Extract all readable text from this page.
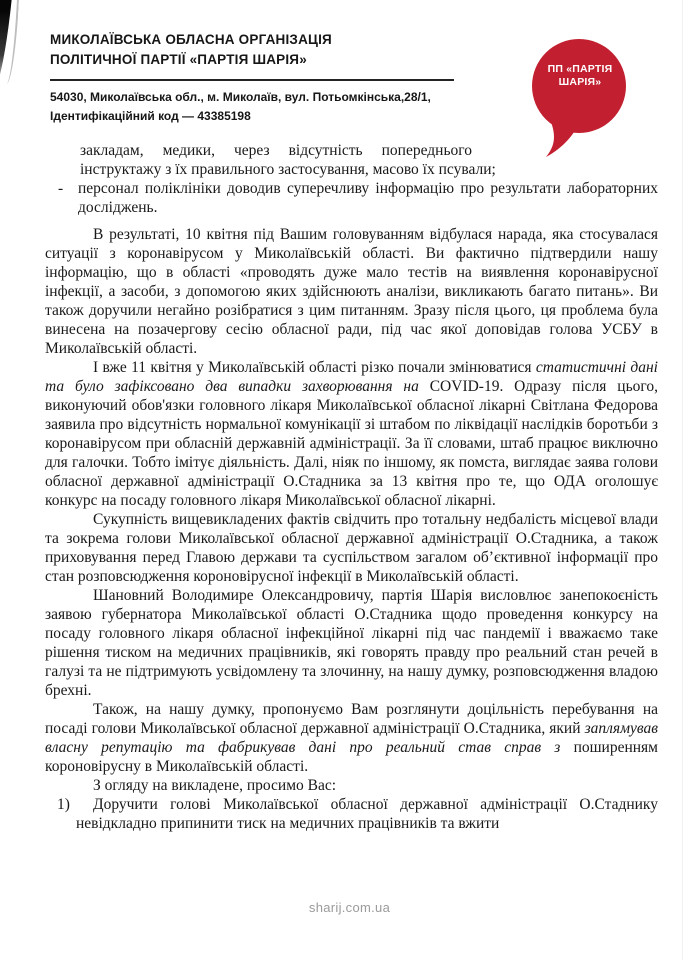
МИКОЛАЇВСЬКА ОБЛАСНА ОРГАНІЗАЦІЯ
ПОЛІТИЧНОЇ ПАРТІЇ «ПАРТІЯ ШАРІЯ»
54030, Миколаївська обл., м. Миколаїв, вул. Потьомкінська,28/1,
Ідентифікаційний код — 43385198
ПП «ПАРТІЯ
ШАРІЯ»
закладам, медики, через відсутність попереднього
інструктажу з їх правильного застосування, масово їх псували;
- персонал поліклініки доводив суперечливу інформацію про результати лабораторних досліджень.

В результаті, 10 квітня під Вашим головуванням відбулася нарада, яка стосувалася ситуації з коронавірусом у Миколаївській області. Ви фактично підтвердили нашу інформацію, що в області «проводять дуже мало тестів на виявлення коронавірусної інфекції, а засоби, з допомогою яких здійснюють аналізи, викликають багато питань». Ви також доручили негайно розібратися з цим питанням. Зразу після цього, ця проблема була винесена на позачергову сесію обласної ради, під час якої доповідав голова УСБУ в Миколаївській області.

І вже 11 квітня у Миколаївській області різко почали змінюватися статистичні дані та було зафіксовано два випадки захворювання на COVID-19. Одразу після цього, виконуючий обов'язки головного лікаря Миколаївської обласної лікарні Світлана Федорова заявила про відсутність нормальної комунікації зі штабом по ліквідації наслідків боротьби з коронавірусом при обласній державній адміністрації. За її словами, штаб працює виключно для галочки. Тобто імітує діяльність. Далі, ніяк по іншому, як помста, виглядає заява голови обласної державної адміністрації О.Стадника за 13 квітня про те, що ОДА оголошує конкурс на посаду головного лікаря Миколаївської обласної лікарні.

Сукупність вищевикладених фактів свідчить про тотальну недбалість місцевої влади та зокрема голови Миколаївської обласної державної адміністрації О.Стадника, а також приховування перед Главою держави та суспільством загалом об’єктивної інформації про стан розповсюдження короновірусної інфекції в Миколаївській області.

Шановний Володимире Олександровичу, партія Шарія висловлює занепокоєність заявою губернатора Миколаївської області О.Стадника щодо проведення конкурсу на посаду головного лікаря обласної інфекційної лікарні під час пандемії і вважаємо таке рішення тиском на медичних працівників, які говорять правду про реальний стан речей в галузі та не підтримують усвідомлену та злочинну, на нашу думку, розповсюдження владою брехні.

Також, на нашу думку, пропонуємо Вам розглянути доцільність перебування на посаді голови Миколаївської обласної державної адміністрації О.Стадника, який заплямував власну репутацію та фабрикував дані про реальний став справ з поширенням короновірусну в Миколаївській області.

З огляду на викладене, просимо Вас:

1) Доручити голові Миколаївської обласної державної адміністрації О.Стаднику невідкладно припинити тиск на медичних працівників та вжити
sharij.com.ua
